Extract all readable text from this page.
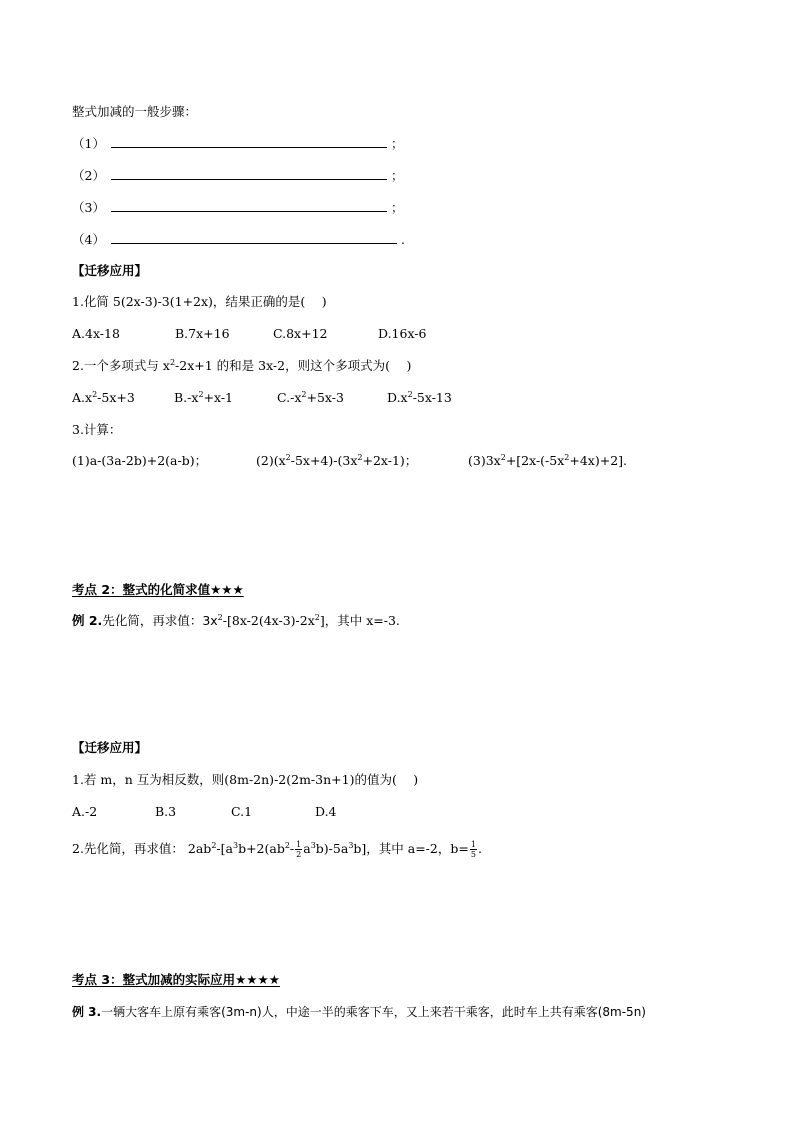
整式加减的一般步骤：
（1）	；
（2）	；
（3）	；
（4）	.
【迁移应用】
1.化简 5(2x-3)-3(1+2x)，结果正确的是(　 )
A.4x-18	B.7x+16	C.8x+12	D.16x-6
2.一个多项式与 $x^2-2x+1$ 的和是 3x-2，则这个多项式为(　 )
$A.x^2-5x+3$	$B.-x^2+x-1$	$C.-x^2+5x-3$	$D.x^2-5x-13$
3.计算：
(1)a-(3a-2b)+2(a-b)；	$(2)(x^2-5x+4)-(3x^2+2x-1)$；	$(3)3x^2+[2x-(-5x^2+4x)+2]$.
考点 2：整式的化简求值★★★
例 2.先化简，再求值：$3x^2-[8x-2(4x-3)-2x^2]$，其中 x=-3.
【迁移应用】
1.若 m，n 互为相反数，则(8m-2n)-2(2m-3n+1)的值为(　 )
A.-2	B.3	C.1	D.4
2.先化简，再求值： $2ab^2-[a^3b+2(ab^2- \frac{1}{2} a^3b)-5a^3b]$，其中 a=-2，$b= \frac{1}{5}$ .
考点 3：整式加减的实际应用★★★★
例 3.一辆大客车上原有乘客(3m-n)人，中途一半的乘客下车，又上来若干乘客，此时车上共有乘客(8m-5n)
